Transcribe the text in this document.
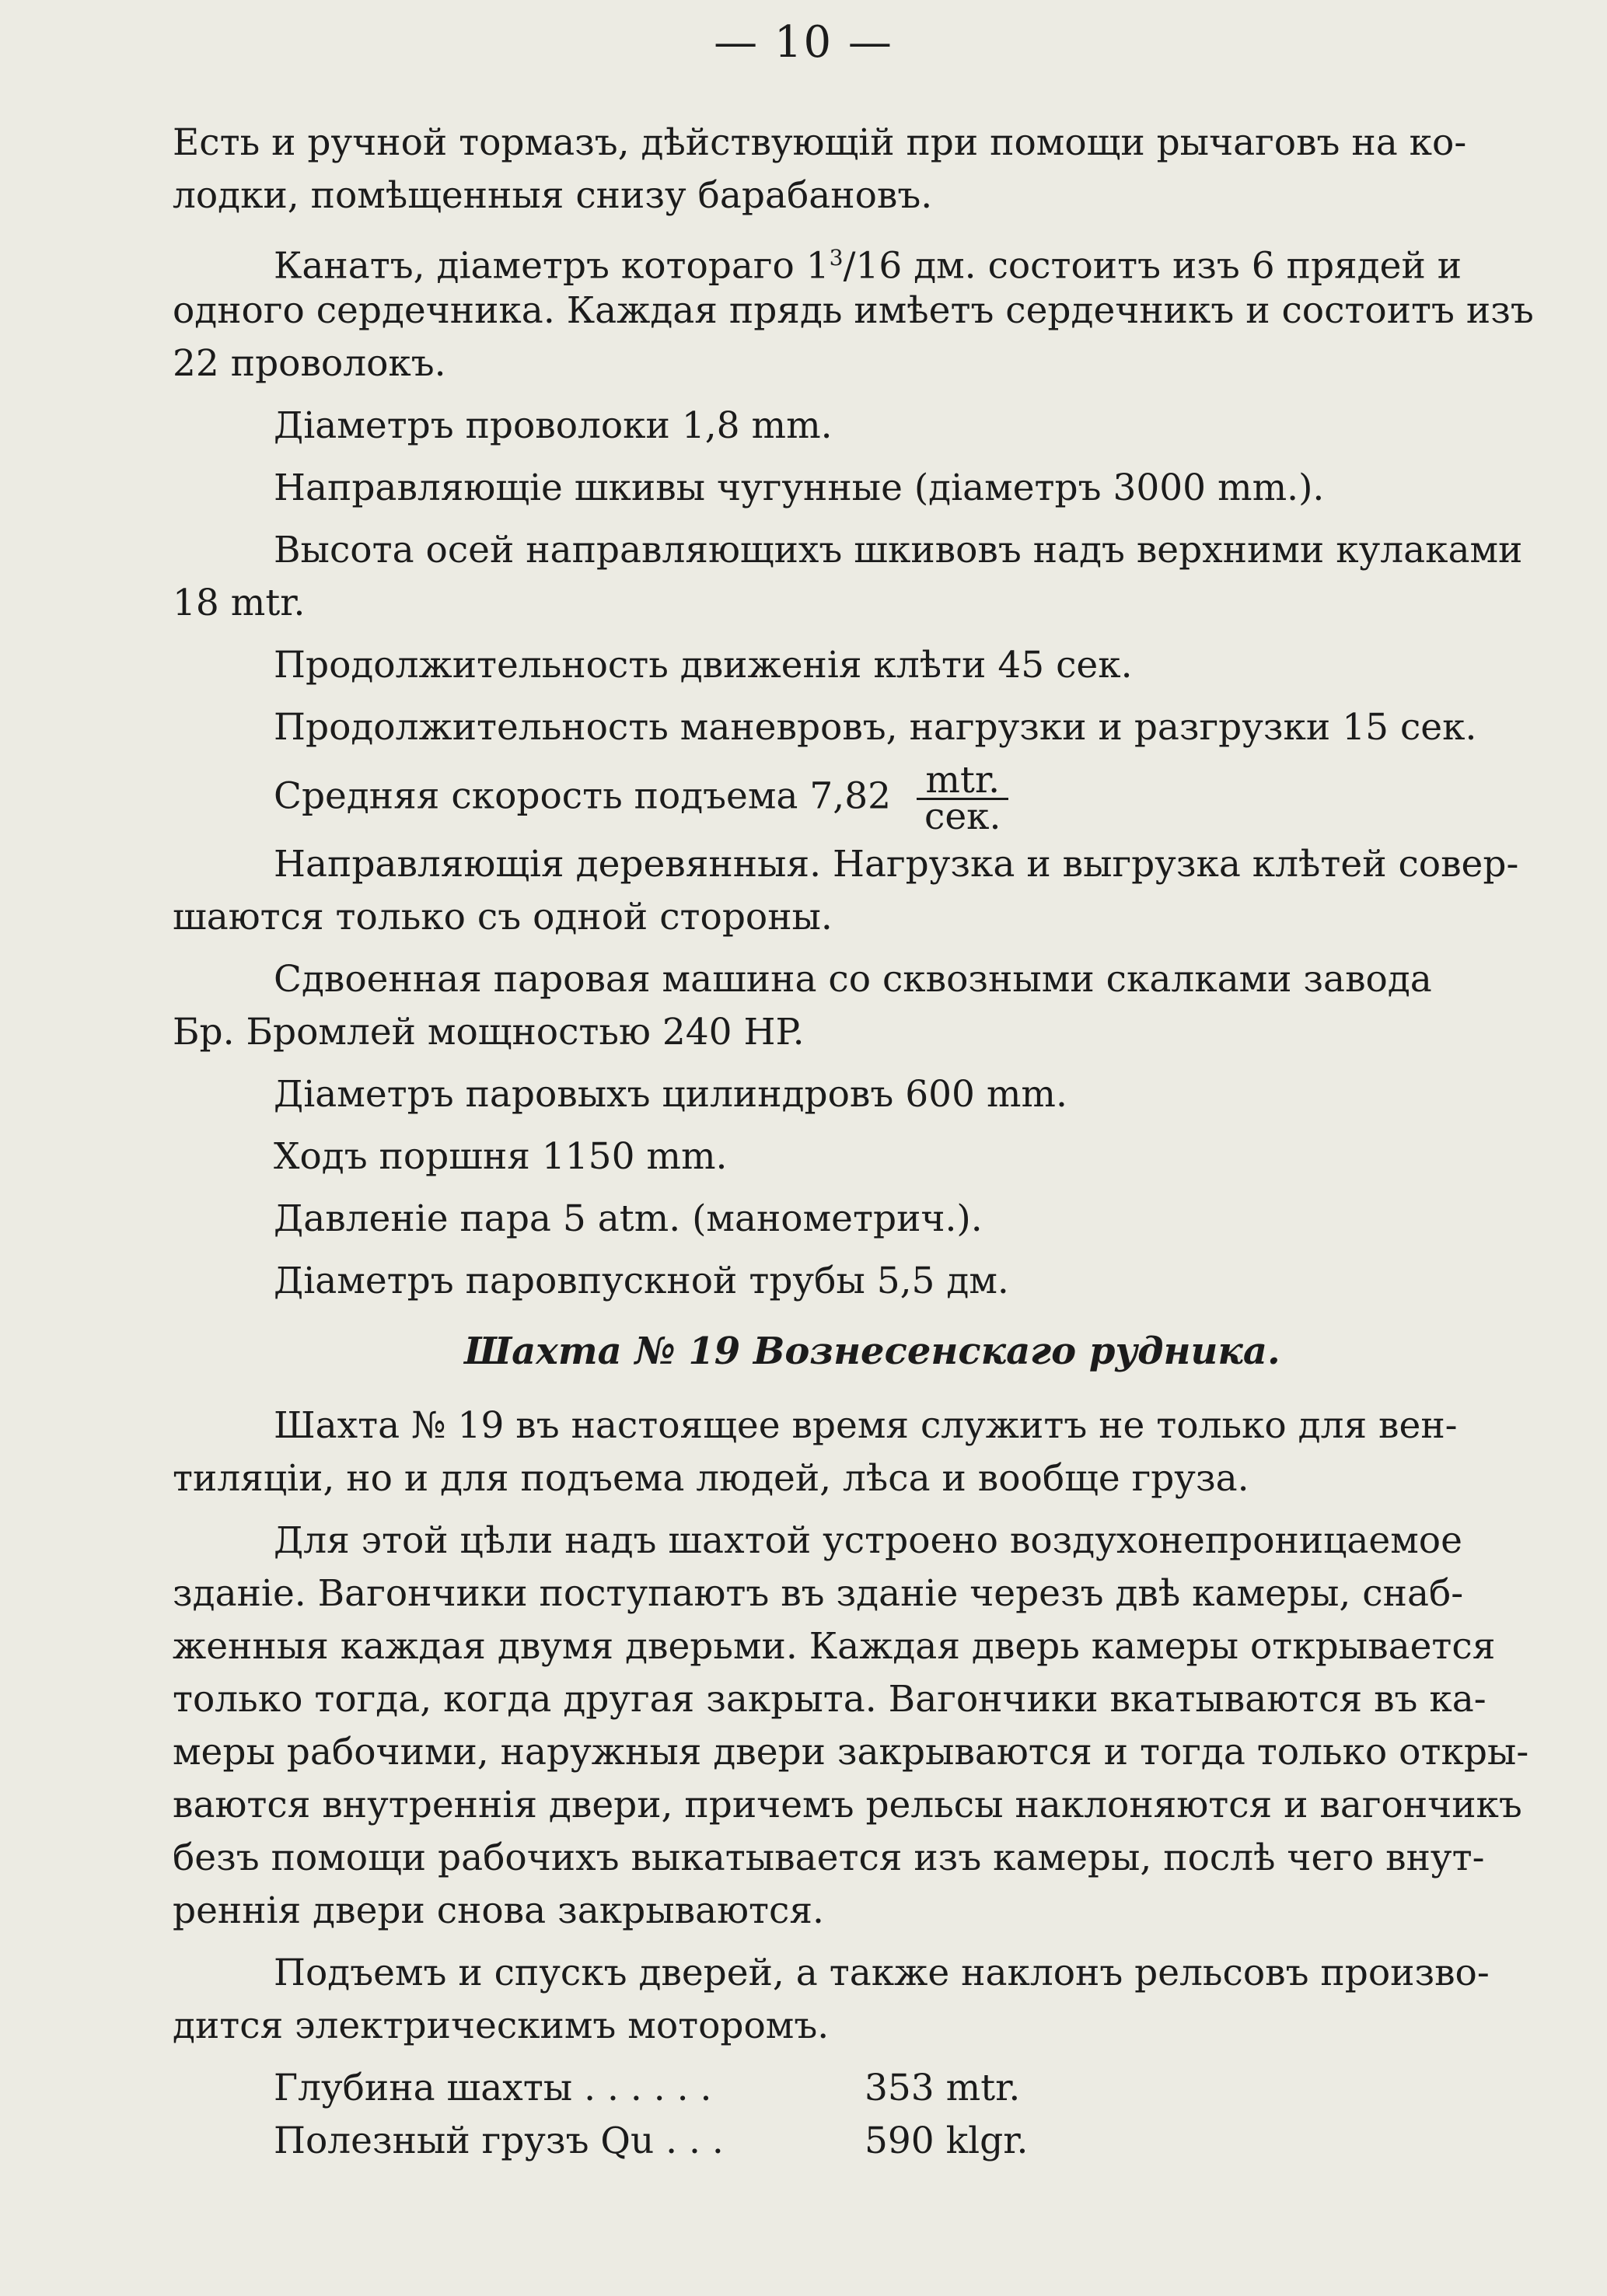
— 10 —
Есть и ручной тормазъ, дѣйствующій при помощи рычаговъ на ко-
лодки, помѣщенныя снизу барабановъ.
Канатъ, діаметръ котораго $1^3/16$ дм. состоитъ изъ 6 прядей и
одного сердечника. Каждая прядь имѣетъ сердечникъ и состоитъ изъ
22 проволокъ.
Діаметръ проволоки 1,8 mm.
Направляющіе шкивы чугунные (діаметръ 3000 mm.).
Высота осей направляющихъ шкивовъ надъ верхними кулаками
18 mtr.
Продолжительность движенія клѣти 45 сек.
Продолжительность маневровъ, нагрузки и разгрузки 15 сек.
Средняя скорость подъема $7,82 \frac{\text{mtr.}}{\text{сек.}}$
Направляющія деревянныя. Нагрузка и выгрузка клѣтей совер-
шаются только съ одной стороны.
Сдвоенная паровая машина со сквозными скалками завода
Бр. Бромлей мощностью 240 HP.
Діаметръ паровыхъ цилиндровъ 600 mm.
Ходъ поршня 1150 mm.
Давленіе пара 5 atm. (манометрич.).
Діаметръ паровпускной трубы 5,5 дм.
Шахта № 19 Вознесенскаго рудника.
Шахта № 19 въ настоящее время служитъ не только для вен-
тиляціи, но и для подъема людей, лѣса и вообще груза.
Для этой цѣли надъ шахтой устроено воздухонепроницаемое
зданіе. Вагончики поступаютъ въ зданіе черезъ двѣ камеры, снаб-
женныя каждая двумя дверьми. Каждая дверь камеры открывается
только тогда, когда другая закрыта. Вагончики вкатываются въ ка-
меры рабочими, наружныя двери закрываются и тогда только откры-
ваются внутреннія двери, причемъ рельсы наклоняются и вагончикъ
безъ помощи рабочихъ выкатывается изъ камеры, послѣ чего внут-
реннія двери снова закрываются.
Подъемъ и спускъ дверей, а также наклонъ рельсовъ произво-
дится электрическимъ моторомъ.
Глубина шахты . . . . . .	353 mtr.
Полезный грузъ Qu . . .	590 klgr.
